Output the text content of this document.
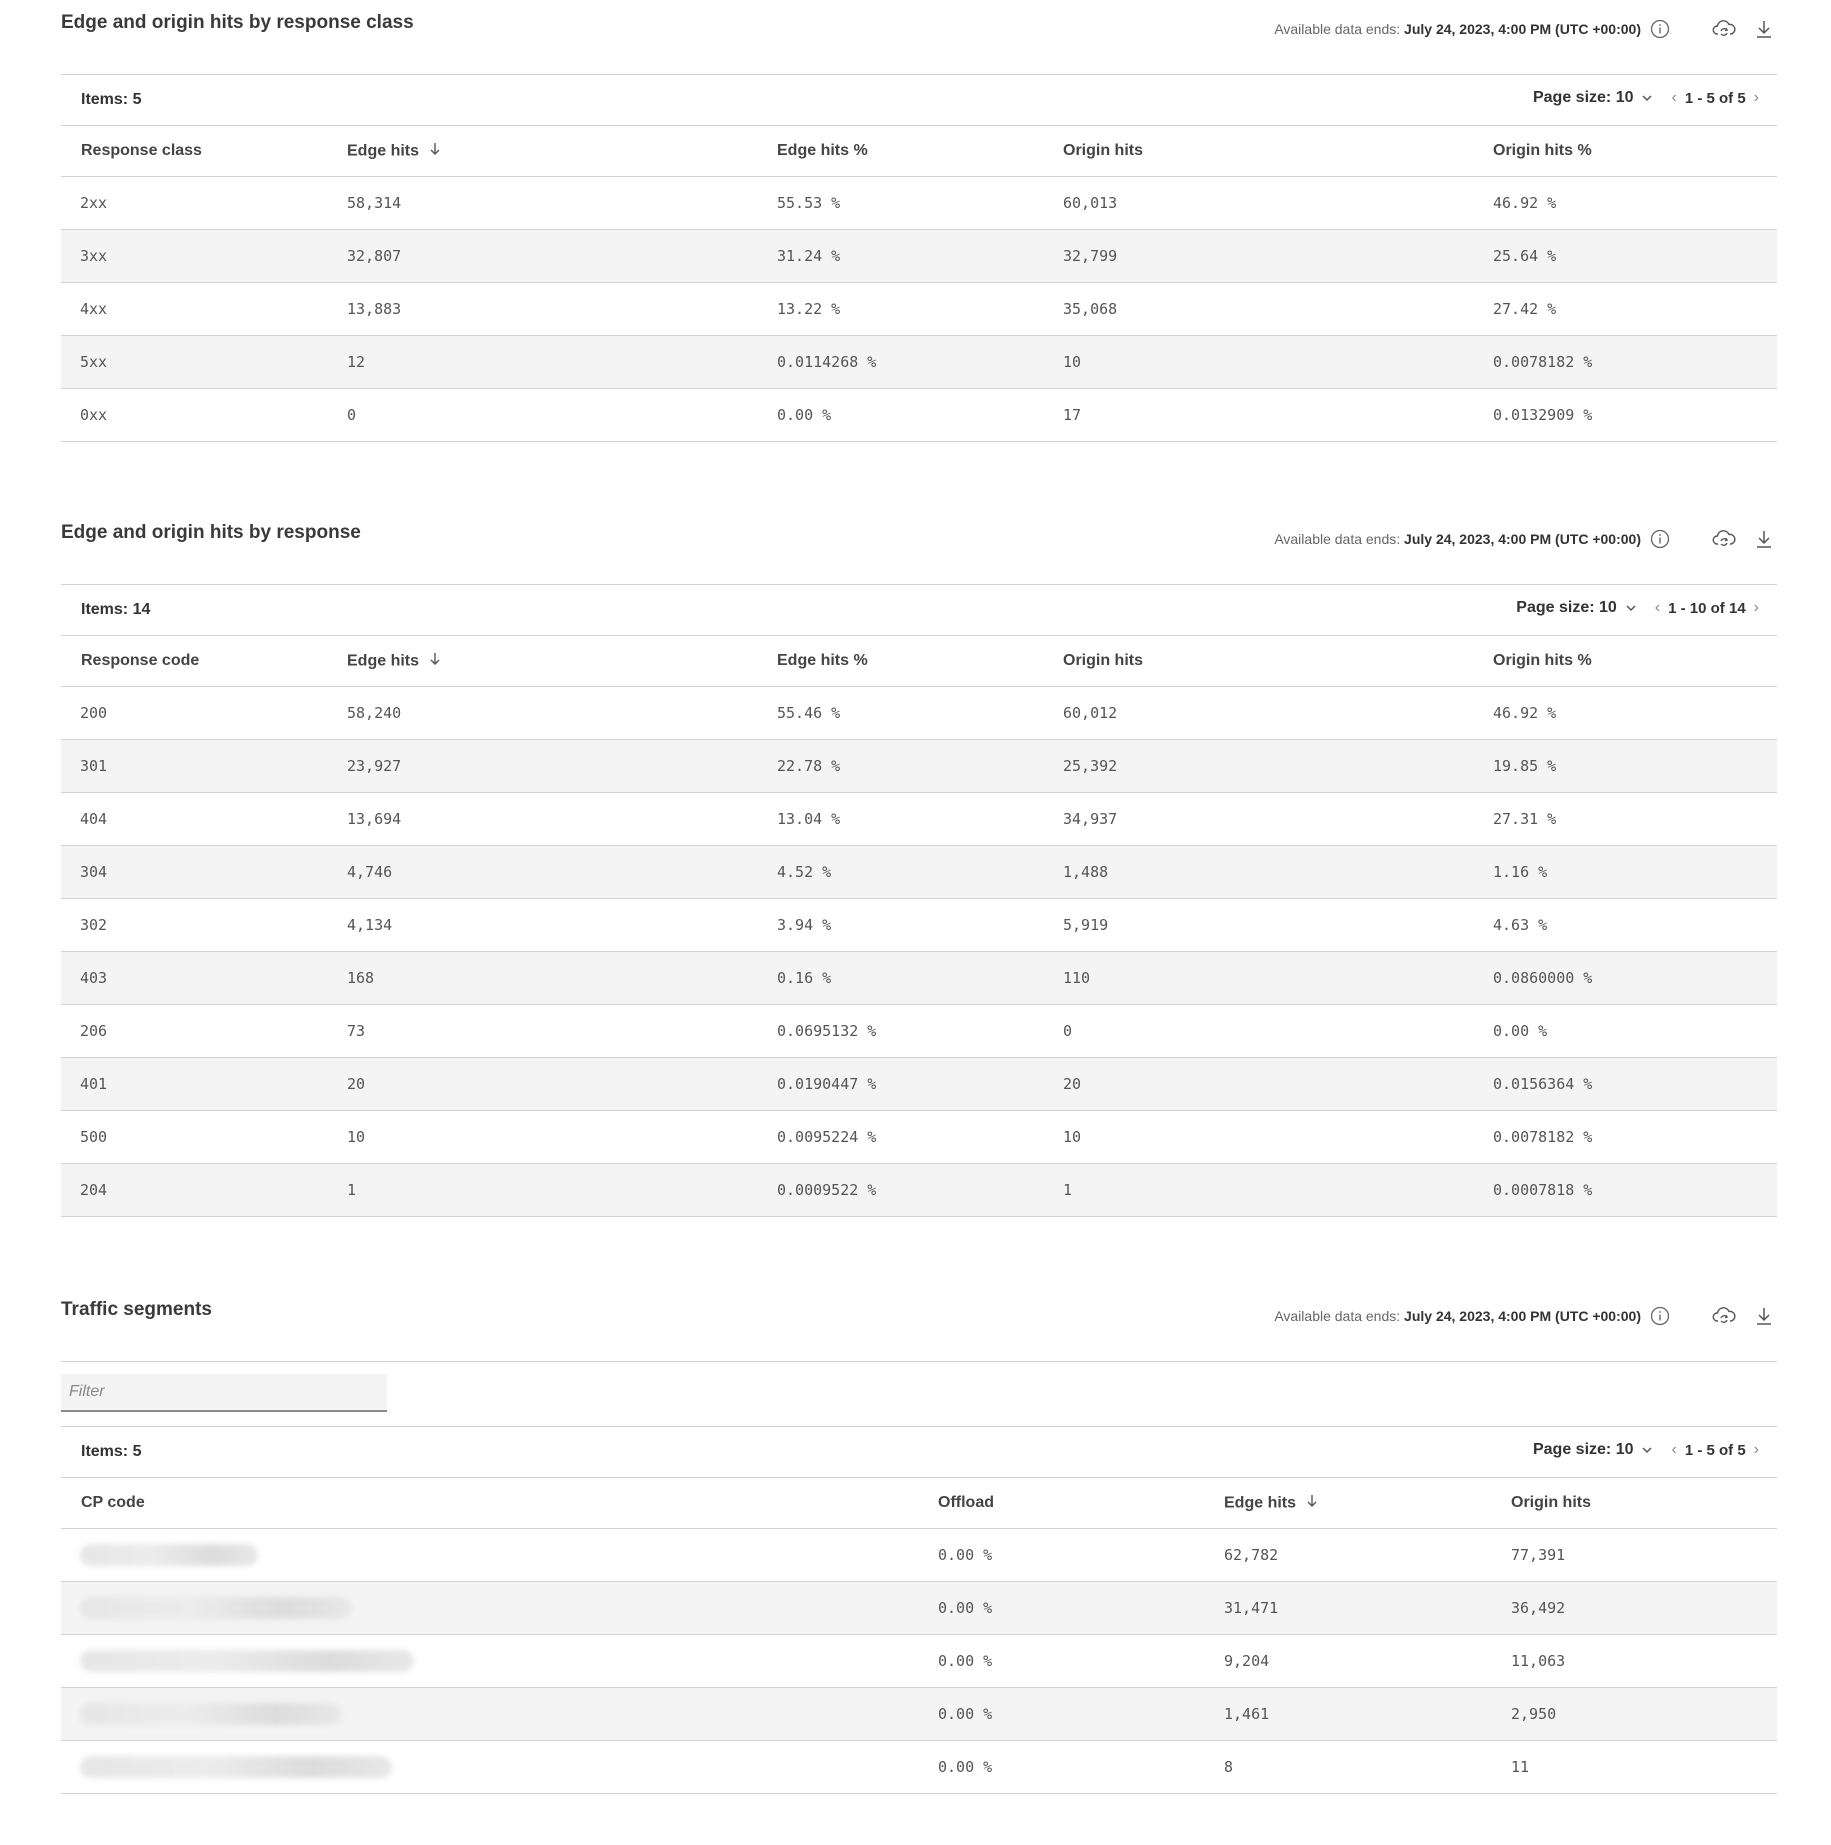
Edge and origin hits by response class	Available data ends: July 24, 2023, 4:00 PM (UTC +00:00)
Items: 5	Page size: 10 ‹ 1 - 5 of 5 ›
Response class	Edge hits	Edge hits %	Origin hits	Origin hits %
2xx	58,314	55.53 %	60,013	46.92 %
3xx	32,807	31.24 %	32,799	25.64 %
4xx	13,883	13.22 %	35,068	27.42 %
5xx	12	0.0114268 %	10	0.0078182 %
0xx	0	0.00 %	17	0.0132909 %
Edge and origin hits by response	Available data ends: July 24, 2023, 4:00 PM (UTC +00:00)
Items: 14	Page size: 10 ‹ 1 - 10 of 14 ›
Response code	Edge hits	Edge hits %	Origin hits	Origin hits %
200	58,240	55.46 %	60,012	46.92 %
301	23,927	22.78 %	25,392	19.85 %
404	13,694	13.04 %	34,937	27.31 %
304	4,746	4.52 %	1,488	1.16 %
302	4,134	3.94 %	5,919	4.63 %
403	168	0.16 %	110	0.0860000 %
206	73	0.0695132 %	0	0.00 %
401	20	0.0190447 %	20	0.0156364 %
500	10	0.0095224 %	10	0.0078182 %
204	1	0.0009522 %	1	0.0007818 %
Traffic segments	Available data ends: July 24, 2023, 4:00 PM (UTC +00:00)
Filter
Items: 5	Page size: 10 ‹ 1 - 5 of 5 ›
CP code	Offload	Edge hits	Origin hits
	0.00 %	62,782	77,391
	0.00 %	31,471	36,492
	0.00 %	9,204	11,063
	0.00 %	1,461	2,950
	0.00 %	8	11
